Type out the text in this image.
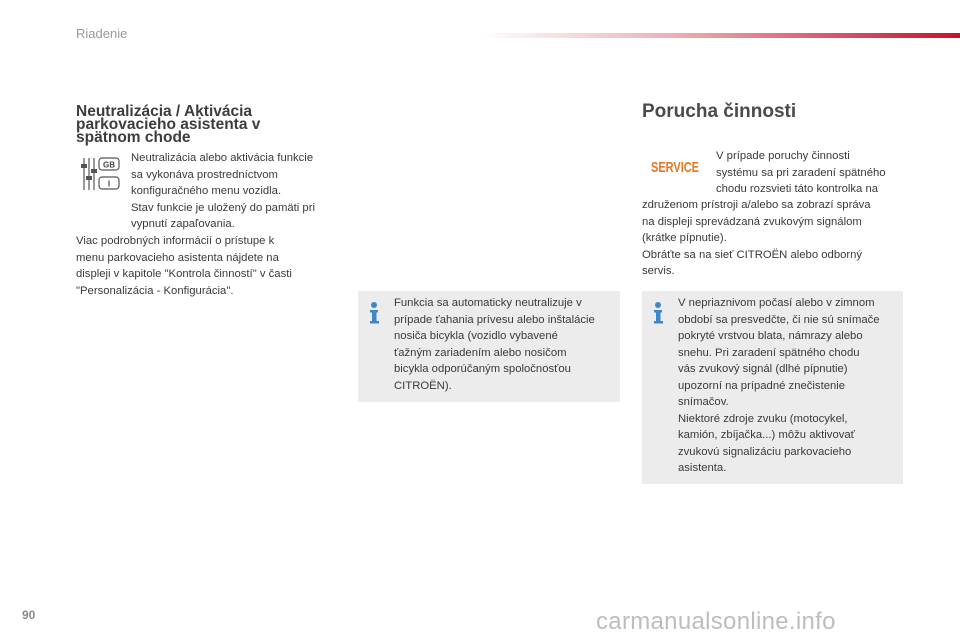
Riadenie
Neutralizácia / Aktivácia parkovacieho asistenta v spätnom chode
GB
I

Neutralizácia alebo aktivácia funkcie
sa vykonáva prostredníctvom
konfiguračného menu vozidla.
Stav funkcie je uložený do pamäti pri
vypnutí zapaľovania.

Viac podrobných informácií o prístupe k
menu parkovacieho asistenta nájdete na
displeji v kapitole "Kontrola činností" v časti
"Personalizácia - Konfigurácia".

Funkcia sa automaticky neutralizuje v
prípade ťahania prívesu alebo inštalácie
nosiča bicykla (vozidlo vybavené
ťažným zariadením alebo nosičom
bicykla odporúčaným spoločnosťou
CITROËN).

Porucha činnosti
SERVICE

V prípade poruchy činnosti
systému sa pri zaradení spätného
chodu rozsvieti táto kontrolka na

združenom prístroji a/alebo sa zobrazí správa
na displeji sprevádzaná zvukovým signálom
(krátke pípnutie).
Obráťte sa na sieť CITROËN alebo odborný
servis.

V nepriaznivom počasí alebo v zimnom
období sa presvedčte, či nie sú snímače
pokryté vrstvou blata, námrazy alebo
snehu. Pri zaradení spätného chodu
vás zvukový signál (dlhé pípnutie)
upozorní na prípadné znečistenie
snímačov.
Niektoré zdroje zvuku (motocykel,
kamión, zbíjačka...) môžu aktivovať
zvukovú signalizáciu parkovacieho
asistenta.

90	carmanualsonline.info
